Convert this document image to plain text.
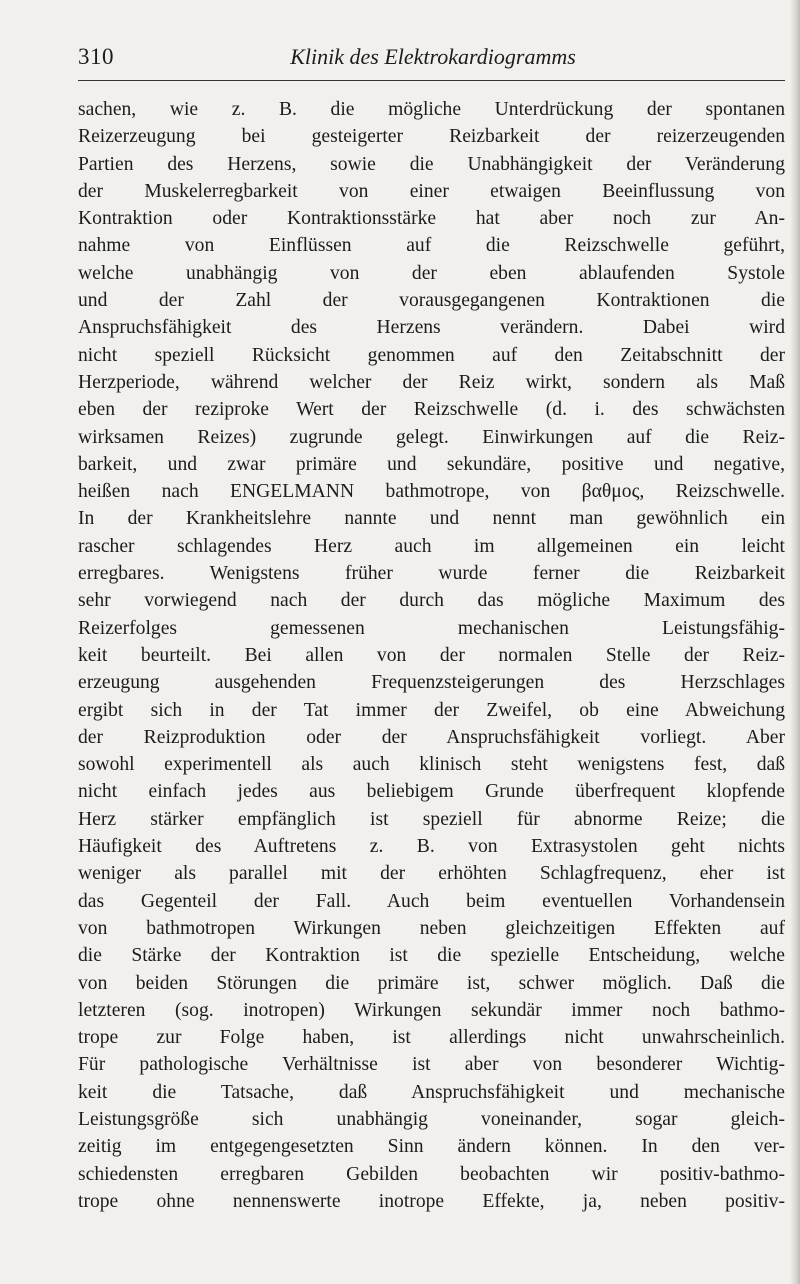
310	Klinik des Elektrokardiogramms
sachen, wie z. B. die mögliche Unterdrückung der spontanen
Reizerzeugung bei gesteigerter Reizbarkeit der reizerzeugenden
Partien des Herzens, sowie die Unabhängigkeit der Veränderung
der Muskelerregbarkeit von einer etwaigen Beeinflussung von
Kontraktion oder Kontraktionsstärke hat aber noch zur An-
nahme von Einflüssen auf die Reizschwelle geführt,
welche unabhängig von der eben ablaufenden Systole
und der Zahl der vorausgegangenen Kontraktionen die
Anspruchsfähigkeit des Herzens verändern. Dabei wird
nicht speziell Rücksicht genommen auf den Zeitabschnitt der
Herzperiode, während welcher der Reiz wirkt, sondern als Maß
eben der reziproke Wert der Reizschwelle (d. i. des schwächsten
wirksamen Reizes) zugrunde gelegt. Einwirkungen auf die Reiz-
barkeit, und zwar primäre und sekundäre, positive und negative,
heißen nach ENGELMANN bathmotrope, von βαθμος, Reizschwelle.
In der Krankheitslehre nannte und nennt man gewöhnlich ein
rascher schlagendes Herz auch im allgemeinen ein leicht
erregbares. Wenigstens früher wurde ferner die Reizbarkeit
sehr vorwiegend nach der durch das mögliche Maximum des
Reizerfolges gemessenen mechanischen Leistungsfähig-
keit beurteilt. Bei allen von der normalen Stelle der Reiz-
erzeugung ausgehenden Frequenzsteigerungen des Herzschlages
ergibt sich in der Tat immer der Zweifel, ob eine Abweichung
der Reizproduktion oder der Anspruchsfähigkeit vorliegt. Aber
sowohl experimentell als auch klinisch steht wenigstens fest, daß
nicht einfach jedes aus beliebigem Grunde überfrequent klopfende
Herz stärker empfänglich ist speziell für abnorme Reize; die
Häufigkeit des Auftretens z. B. von Extrasystolen geht nichts
weniger als parallel mit der erhöhten Schlagfrequenz, eher ist
das Gegenteil der Fall. Auch beim eventuellen Vorhandensein
von bathmotropen Wirkungen neben gleichzeitigen Effekten auf
die Stärke der Kontraktion ist die spezielle Entscheidung, welche
von beiden Störungen die primäre ist, schwer möglich. Daß die
letzteren (sog. inotropen) Wirkungen sekundär immer noch bathmo-
trope zur Folge haben, ist allerdings nicht unwahrscheinlich.
Für pathologische Verhältnisse ist aber von besonderer Wichtig-
keit die Tatsache, daß Anspruchsfähigkeit und mechanische
Leistungsgröße sich unabhängig voneinander, sogar gleich-
zeitig im entgegengesetzten Sinn ändern können. In den ver-
schiedensten erregbaren Gebilden beobachten wir positiv-bathmo-
trope ohne nennenswerte inotrope Effekte, ja, neben positiv-
